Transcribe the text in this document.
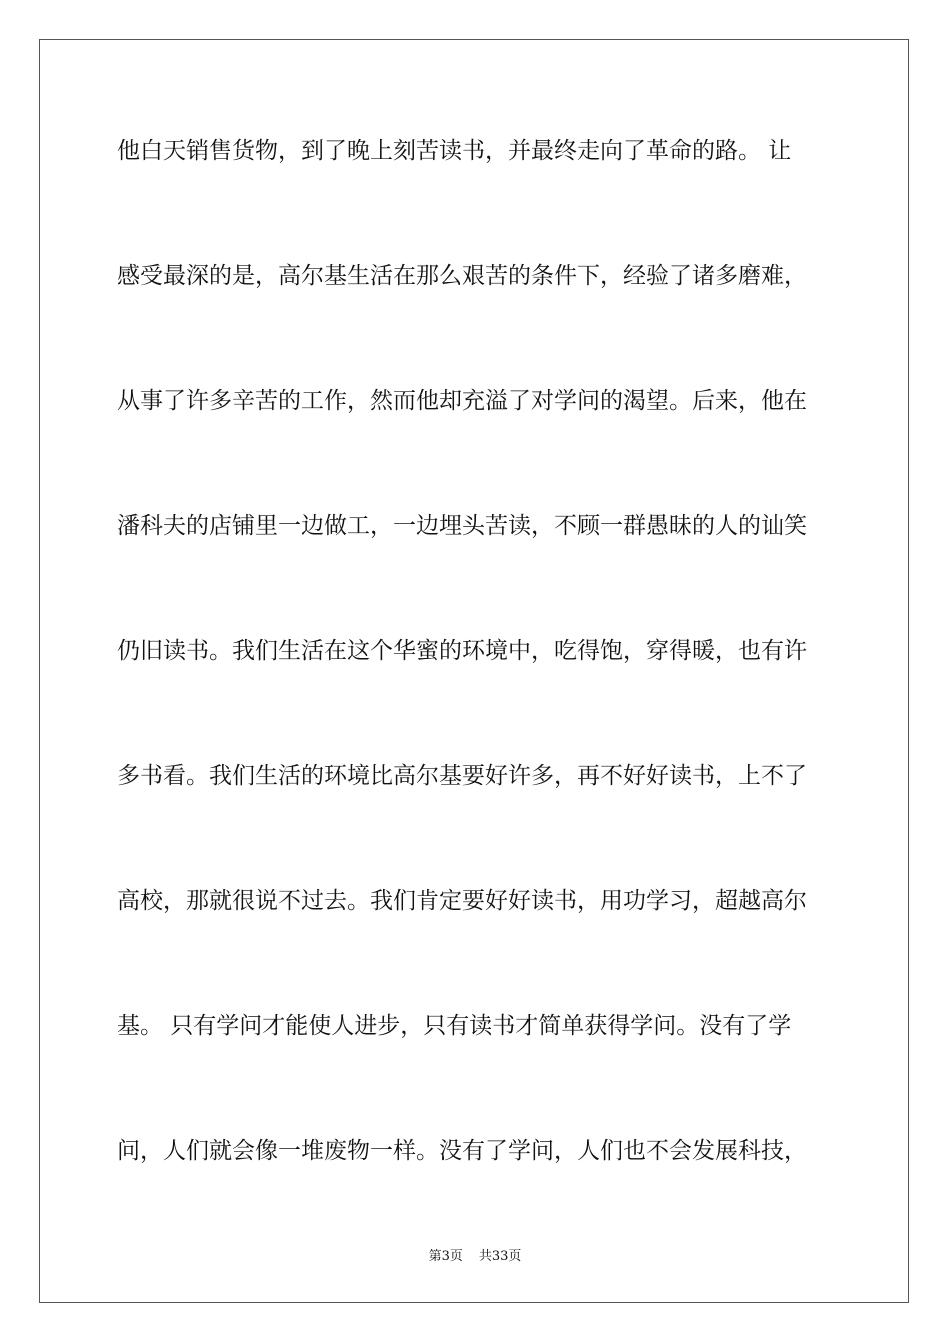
他白天销售货物，到了晚上刻苦读书，并最终走向了革命的路。 让
感受最深的是，高尔基生活在那么艰苦的条件下，经验了诸多磨难，
从事了许多辛苦的工作，然而他却充溢了对学问的渴望。后来，他在
潘科夫的店铺里一边做工，一边埋头苦读，不顾一群愚昧的人的讪笑
仍旧读书。我们生活在这个华蜜的环境中，吃得饱，穿得暖，也有许
多书看。我们生活的环境比高尔基要好许多，再不好好读书，上不了
高校，那就很说不过去。我们肯定要好好读书，用功学习，超越高尔
基。 只有学问才能使人进步，只有读书才简单获得学问。没有了学
问，人们就会像一堆废物一样。没有了学问，人们也不会发展科技，
第3页 共33页
